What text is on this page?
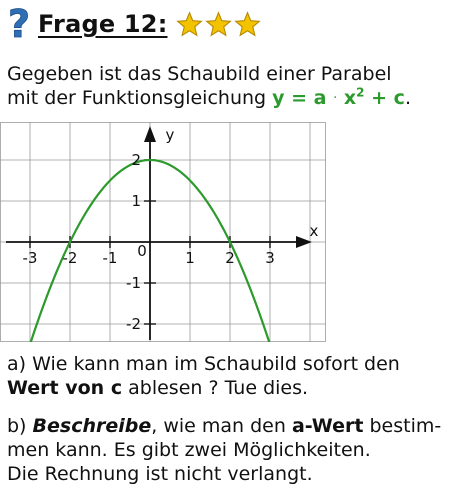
? Frage 12:
Gegeben ist das Schaubild einer Parabel
mit der Funktionsgleichung $y = a \cdot x^2 + c$.
-3 -2 -1 0	1 2 3
2
1
-1
-2
x
y
a) Wie kann man im Schaubild sofort den
Wert von c ablesen ? Tue dies.
b) Beschreibe, wie man den a-Wert bestim-
men kann. Es gibt zwei Möglichkeiten.
Die Rechnung ist nicht verlangt.
